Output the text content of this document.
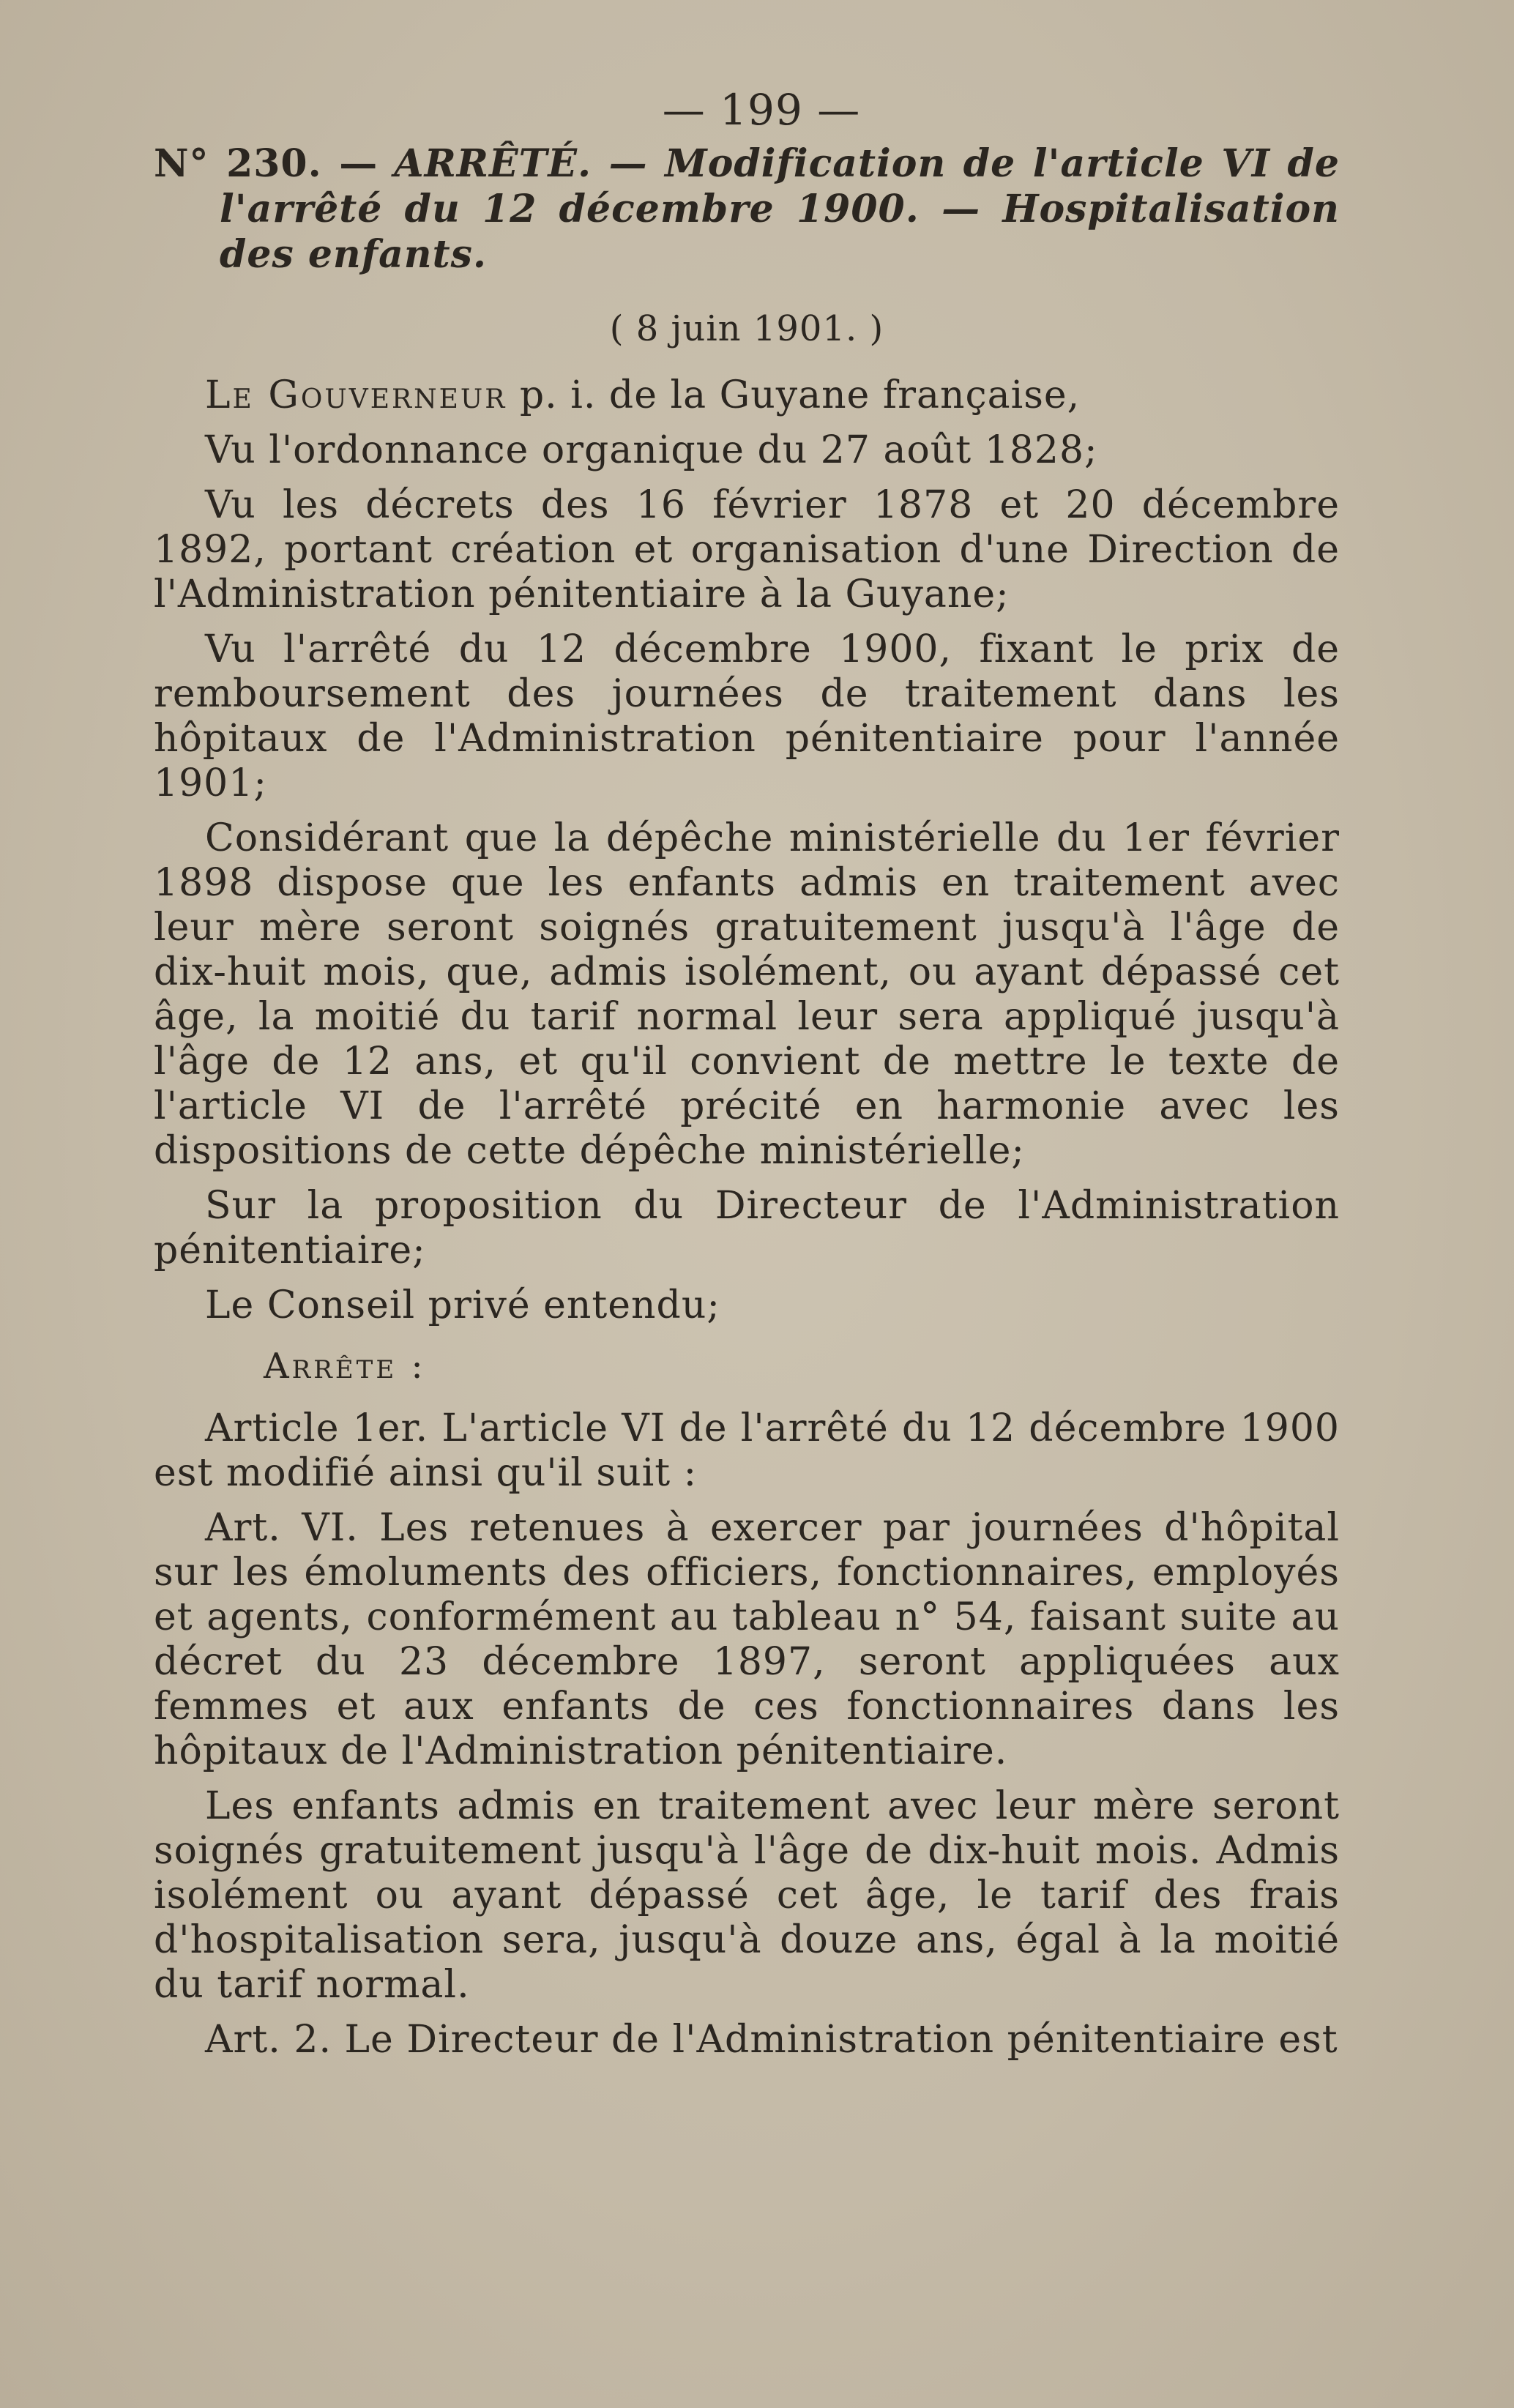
— 199 —
N° 230. — ARRÊTÉ. — Modification de l'article VI de l'arrêté du 12 décembre 1900. — Hospitalisation des enfants.
( 8 juin 1901. )

Le Gouverneur p. i. de la Guyane française,

Vu l'ordonnance organique du 27 août 1828;

Vu les décrets des 16 février 1878 et 20 décembre 1892, portant création et organisation d'une Direction de l'Administration pénitentiaire à la Guyane;

Vu l'arrêté du 12 décembre 1900, fixant le prix de remboursement des journées de traitement dans les hôpitaux de l'Administration pénitentiaire pour l'année 1901;

Considérant que la dépêche ministérielle du 1er février 1898 dispose que les enfants admis en traitement avec leur mère seront soignés gratuitement jusqu'à l'âge de dix-huit mois, que, admis isolément, ou ayant dépassé cet âge, la moitié du tarif normal leur sera appliqué jusqu'à l'âge de 12 ans, et qu'il convient de mettre le texte de l'article VI de l'arrêté précité en harmonie avec les dispositions de cette dépêche ministérielle;

Sur la proposition du Directeur de l'Administration pénitentiaire;

Le Conseil privé entendu;

Arrête :

Article 1er. L'article VI de l'arrêté du 12 décembre 1900 est modifié ainsi qu'il suit :

Art. VI. Les retenues à exercer par journées d'hôpital sur les émoluments des officiers, fonctionnaires, employés et agents, conformément au tableau n° 54, faisant suite au décret du 23 décembre 1897, seront appliquées aux femmes et aux enfants de ces fonctionnaires dans les hôpitaux de l'Administration pénitentiaire.

Les enfants admis en traitement avec leur mère seront soignés gratuitement jusqu'à l'âge de dix-huit mois. Admis isolément ou ayant dépassé cet âge, le tarif des frais d'hospitalisation sera, jusqu'à douze ans, égal à la moitié du tarif normal.

Art. 2. Le Directeur de l'Administration pénitentiaire est
